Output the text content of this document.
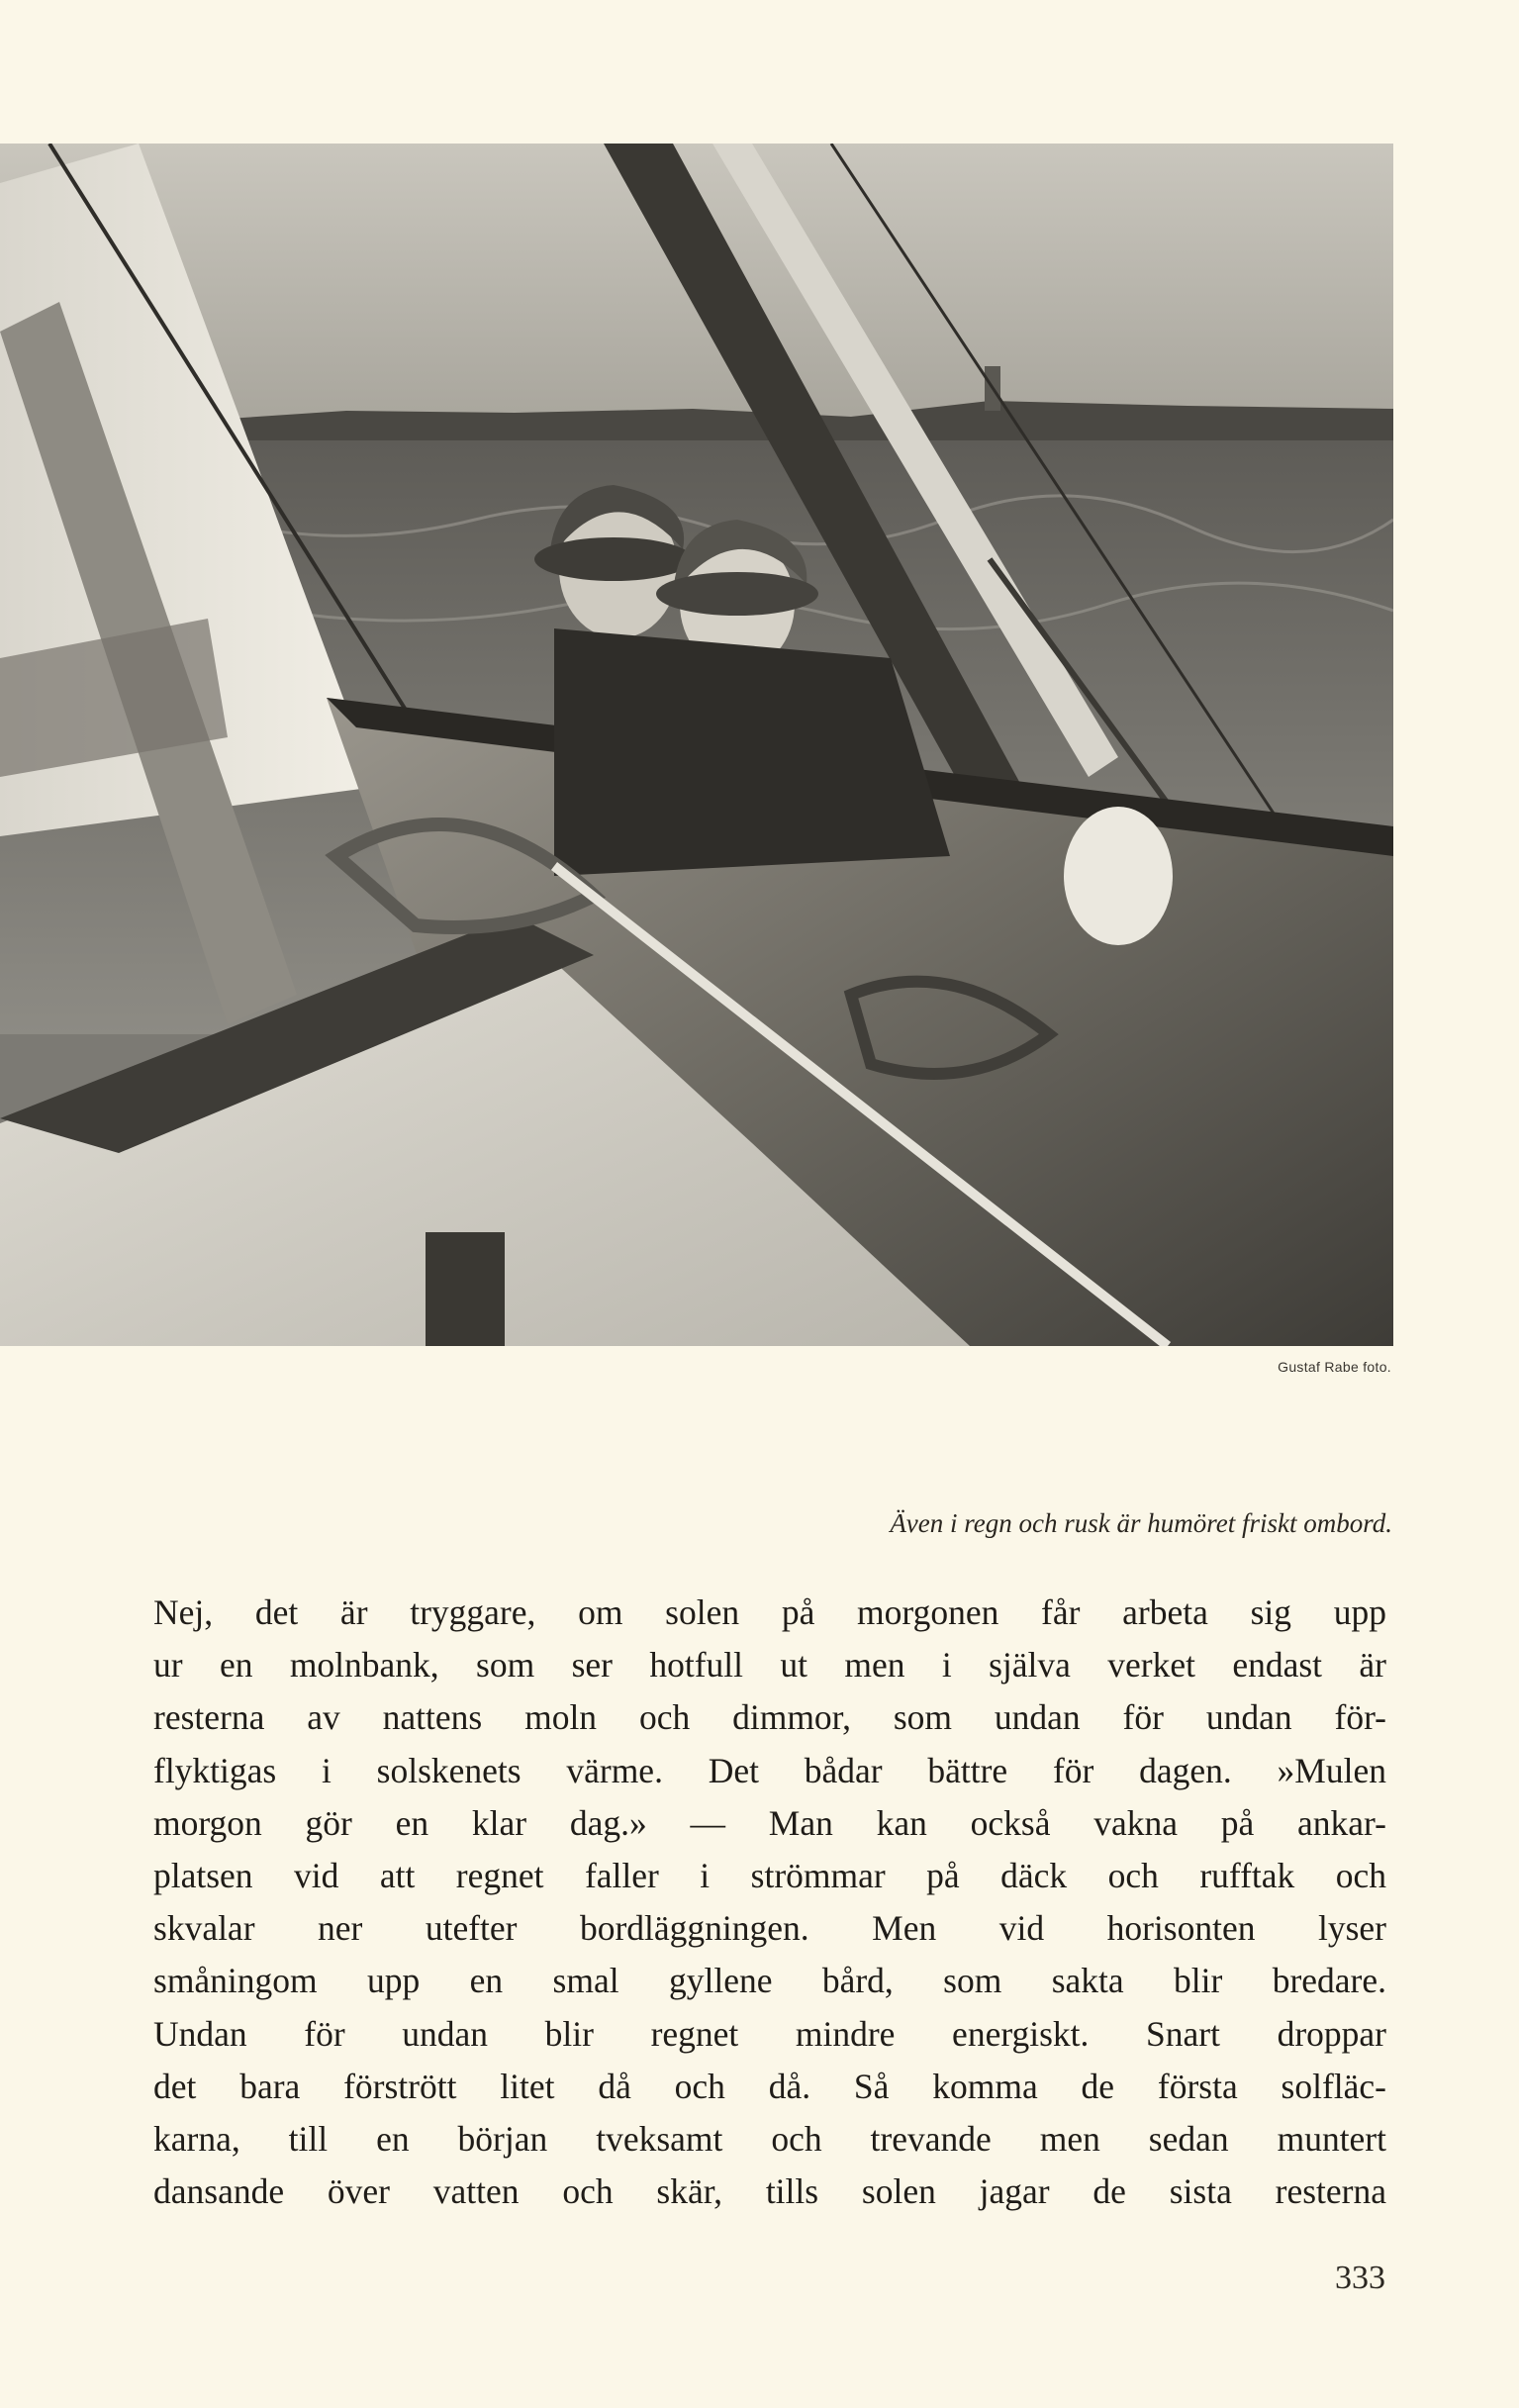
Gustaf Rabe foto.
Även i regn och rusk är humöret friskt ombord.
Nej, det är tryggare, om solen på morgonen får arbeta sig upp
ur en molnbank, som ser hotfull ut men i själva verket endast är
resterna av nattens moln och dimmor, som undan för undan för-
flyktigas i solskenets värme. Det bådar bättre för dagen. »Mulen
morgon gör en klar dag.» — Man kan också vakna på ankar-
platsen vid att regnet faller i strömmar på däck och rufftak och
skvalar ner utefter bordläggningen. Men vid horisonten lyser
småningom upp en smal gyllene bård, som sakta blir bredare.
Undan för undan blir regnet mindre energiskt. Snart droppar
det bara förstrött litet då och då. Så komma de första solfläc-
karna, till en början tveksamt och trevande men sedan muntert
dansande över vatten och skär, tills solen jagar de sista resterna
333
